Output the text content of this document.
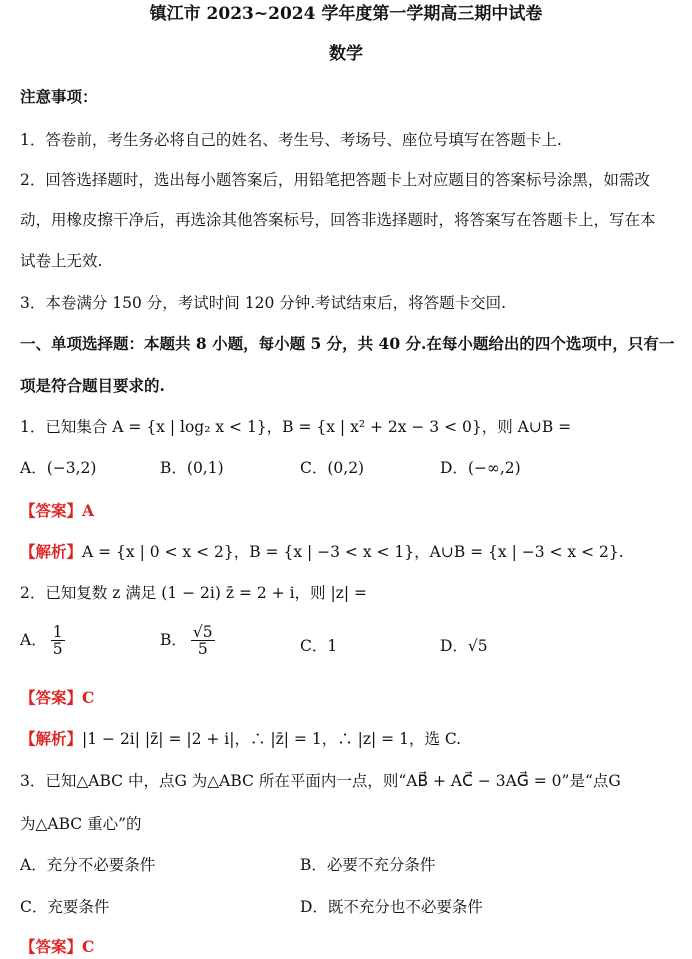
镇江市 2023~2024 学年度第一学期高三期中试卷
数学
注意事项：
1．答卷前，考生务必将自己的姓名、考生号、考场号、座位号填写在答题卡上.
2．回答选择题时，选出每小题答案后，用铅笔把答题卡上对应题目的答案标号涂黑，如需改
动，用橡皮擦干净后，再选涂其他答案标号，回答非选择题时，将答案写在答题卡上，写在本
试卷上无效.
3．本卷满分 150 分，考试时间 120 分钟.考试结束后，将答题卡交回.
一、单项选择题：本题共 8 小题，每小题 5 分，共 40 分.在每小题给出的四个选项中，只有一
项是符合题目要求的.
1．已知集合 A = {x | log₂ x < 1}，B = {x | x² + 2x − 3 < 0}，则 A∪B =
A．(−3,2)	B．(0,1)	C．(0,2)	D．(−∞,2)
【答案】A
【解析】A = {x | 0 < x < 2}，B = {x | −3 < x < 1}，A∪B = {x | −3 < x < 2}.
2．已知复数 z 满足 (1 − 2i) z̄ = 2 + i，则 |z| =
A． $\frac{1}{5}$	B． $\frac{√5}{5}$	C．1	D．√5
【答案】C
【解析】|1 − 2i| |z̄| = |2 + i|，∴ |z̄| = 1，∴ |z| = 1，选 C.
3．已知△ABC 中，点G 为△ABC 所在平面内一点，则“AB⃗ + AC⃗ − 3AG⃗ = 0”是“点G
为△ABC 重心”的
A．充分不必要条件	B．必要不充分条件
C．充要条件	D．既不充分也不必要条件
【答案】C
